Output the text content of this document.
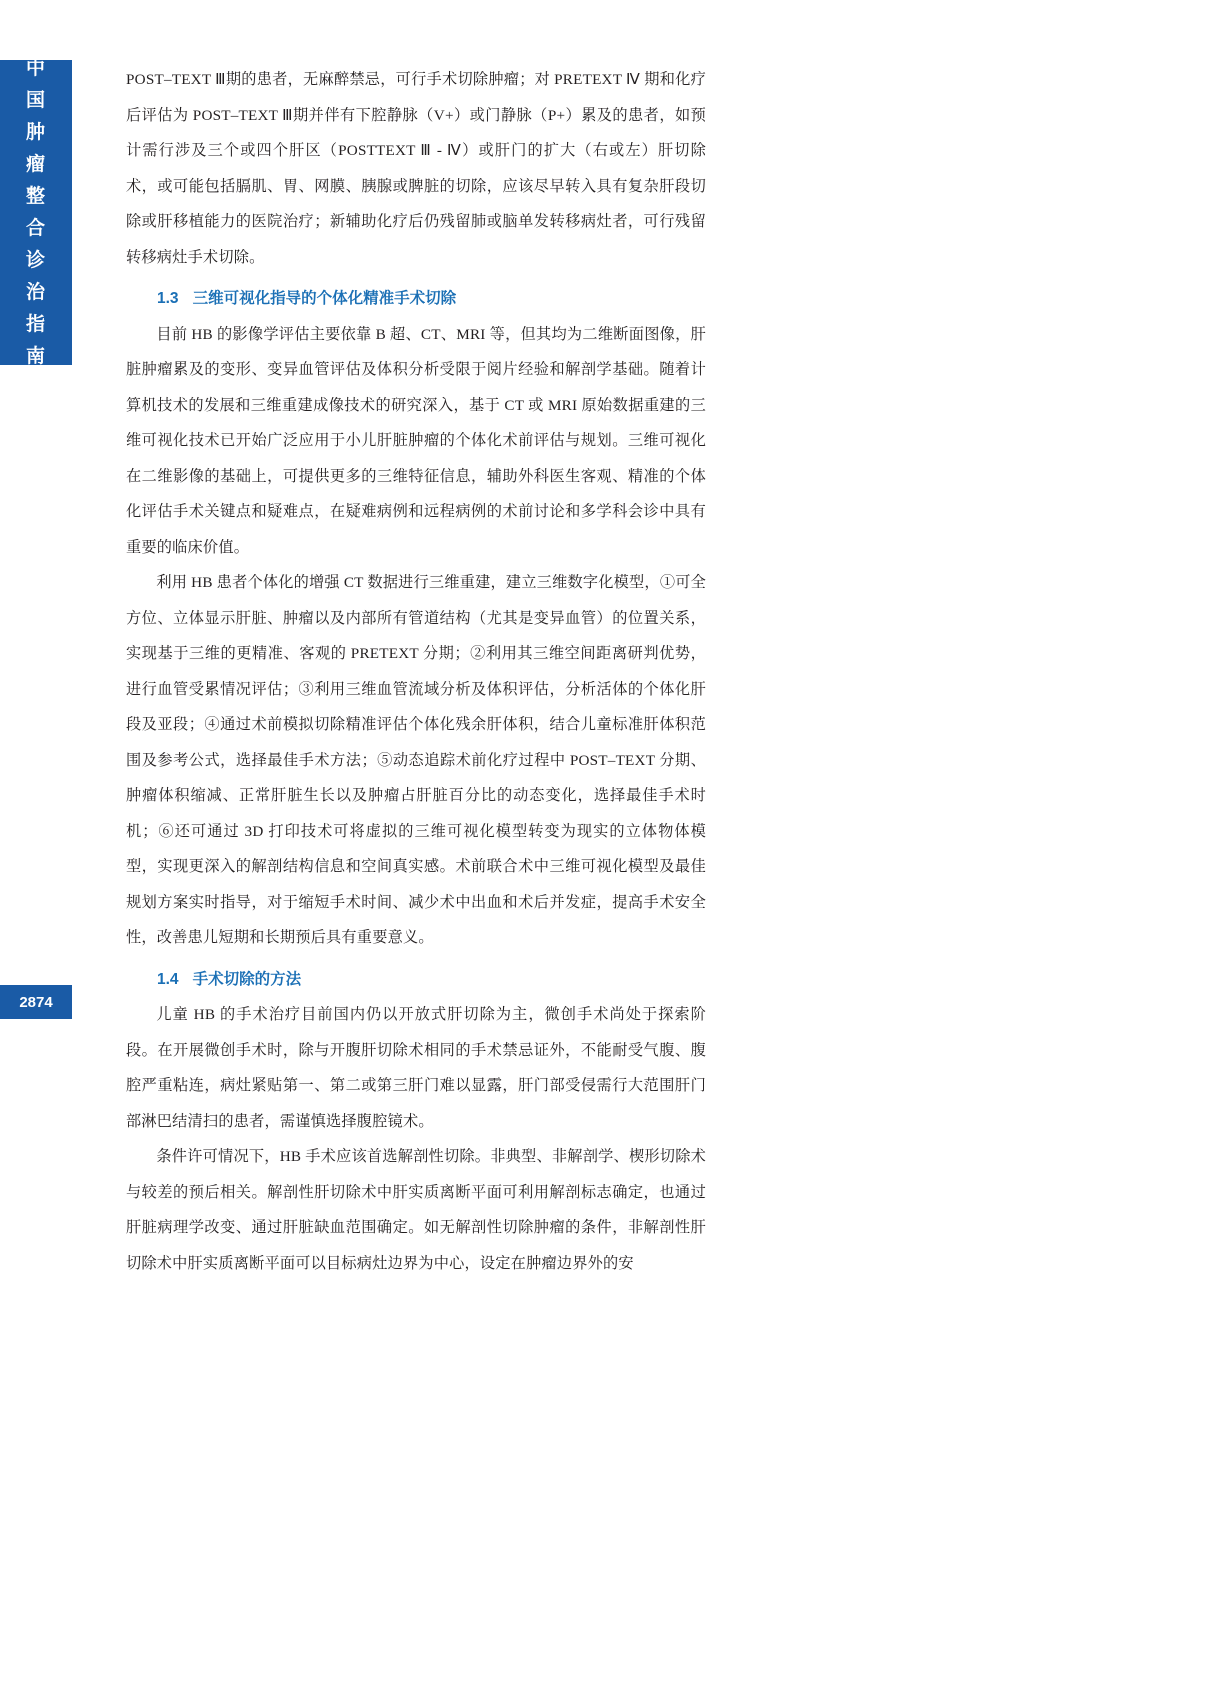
中
国
肿
瘤
整
合
诊
治
指
南
2874

POST–TEXT Ⅲ期的患者，无麻醉禁忌，可行手术切除肿瘤；对 PRETEXT Ⅳ 期和化疗后评估为 POST–TEXT Ⅲ期并伴有下腔静脉（V+）或门静脉（P+）累及的患者，如预计需行涉及三个或四个肝区（POSTTEXT Ⅲ - Ⅳ）或肝门的扩大（右或左）肝切除术，或可能包括膈肌、胃、网膜、胰腺或脾脏的切除，应该尽早转入具有复杂肝段切除或肝移植能力的医院治疗；新辅助化疗后仍残留肺或脑单发转移病灶者，可行残留转移病灶手术切除。

1.3 三维可视化指导的个体化精准手术切除

目前 HB 的影像学评估主要依靠 B 超、CT、MRI 等，但其均为二维断面图像，肝脏肿瘤累及的变形、变异血管评估及体积分析受限于阅片经验和解剖学基础。随着计算机技术的发展和三维重建成像技术的研究深入，基于 CT 或 MRI 原始数据重建的三维可视化技术已开始广泛应用于小儿肝脏肿瘤的个体化术前评估与规划。三维可视化在二维影像的基础上，可提供更多的三维特征信息，辅助外科医生客观、精准的个体化评估手术关键点和疑难点，在疑难病例和远程病例的术前讨论和多学科会诊中具有重要的临床价值。

利用 HB 患者个体化的增强 CT 数据进行三维重建，建立三维数字化模型，①可全方位、立体显示肝脏、肿瘤以及内部所有管道结构（尤其是变异血管）的位置关系，实现基于三维的更精准、客观的 PRETEXT 分期；②利用其三维空间距离研判优势，进行血管受累情况评估；③利用三维血管流域分析及体积评估，分析活体的个体化肝段及亚段；④通过术前模拟切除精准评估个体化残余肝体积，结合儿童标准肝体积范围及参考公式，选择最佳手术方法；⑤动态追踪术前化疗过程中 POST–TEXT 分期、肿瘤体积缩减、正常肝脏生长以及肿瘤占肝脏百分比的动态变化，选择最佳手术时机；⑥还可通过 3D 打印技术可将虚拟的三维可视化模型转变为现实的立体物体模型，实现更深入的解剖结构信息和空间真实感。术前联合术中三维可视化模型及最佳规划方案实时指导，对于缩短手术时间、减少术中出血和术后并发症，提高手术安全性，改善患儿短期和长期预后具有重要意义。

1.4 手术切除的方法

儿童 HB 的手术治疗目前国内仍以开放式肝切除为主，微创手术尚处于探索阶段。在开展微创手术时，除与开腹肝切除术相同的手术禁忌证外，不能耐受气腹、腹腔严重粘连，病灶紧贴第一、第二或第三肝门难以显露，肝门部受侵需行大范围肝门部淋巴结清扫的患者，需谨慎选择腹腔镜术。

条件许可情况下，HB 手术应该首选解剖性切除。非典型、非解剖学、楔形切除术与较差的预后相关。解剖性肝切除术中肝实质离断平面可利用解剖标志确定，也通过肝脏病理学改变、通过肝脏缺血范围确定。如无解剖性切除肿瘤的条件，非解剖性肝切除术中肝实质离断平面可以目标病灶边界为中心，设定在肿瘤边界外的安
